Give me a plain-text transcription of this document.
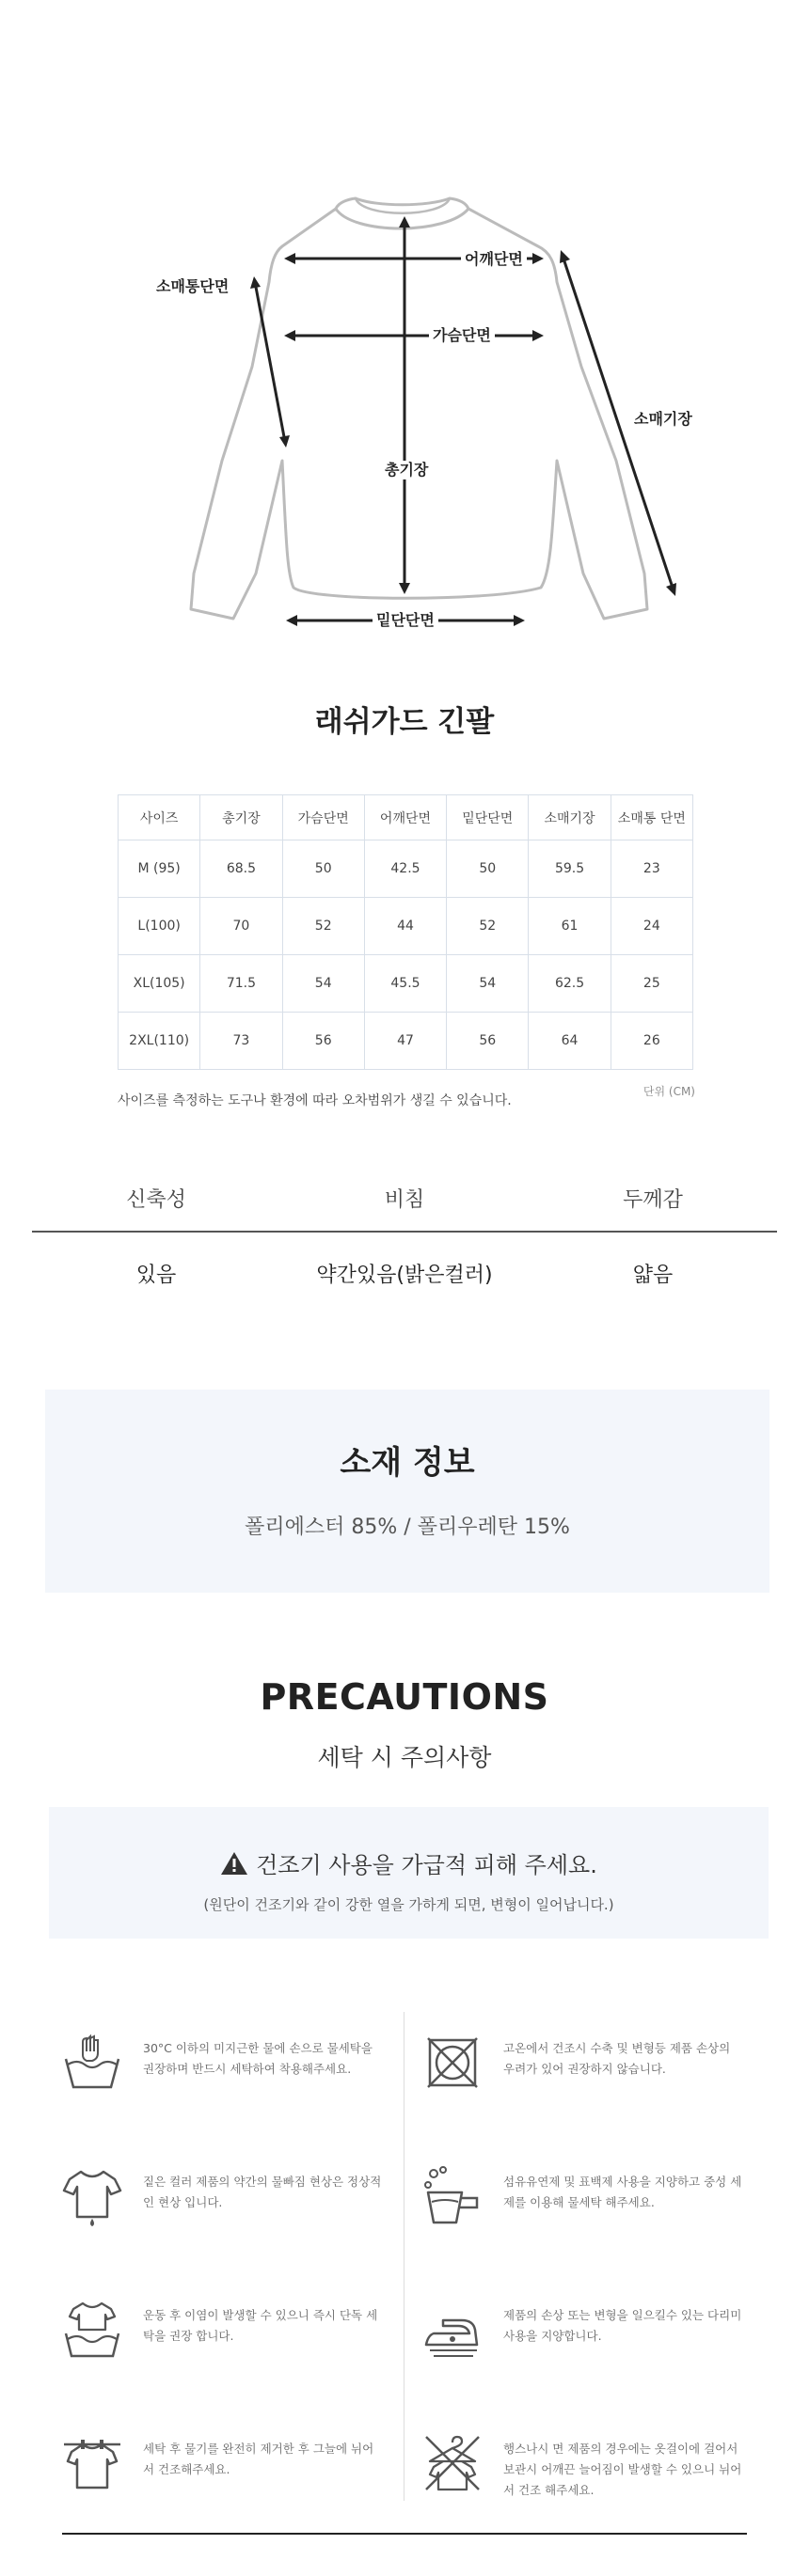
어깨단면
소매통단면
가슴단면
소매기장
총기장
밑단단면
래쉬가드 긴팔
사이즈	총기장	가슴단면	어깨단면	밑단단면	소매기장	소매통 단면
M (95)	68.5	50	42.5	50	59.5	23
L(100)	70	52	44	52	61	24
XL(105)	71.5	54	45.5	54	62.5	25
2XL(110)	73	56	47	56	64	26
사이즈를 측정하는 도구나 환경에 따라 오차범위가 생길 수 있습니다.
단위 (CM)
신축성	비침	두께감
있음	약간있음(밝은컬러)	얇음
소재 정보
폴리에스터 85% / 폴리우레탄 15%
PRECAUTIONS
세탁 시 주의사항
건조기 사용을 가급적 피해 주세요.
(원단이 건조기와 같이 강한 열을 가하게 되면, 변형이 일어납니다.)
30°C 이하의 미지근한 물에 손으로 물세탁을 권장하며 반드시 세탁하여 착용해주세요.
짙은 컬러 제품의 약간의 물빠짐 현상은 정상적인 현상 입니다.
운동 후 이염이 발생할 수 있으니 즉시 단독 세탁을 권장 합니다.
세탁 후 물기를 완전히 제거한 후 그늘에 뉘어서 건조해주세요.
고온에서 건조시 수축 및 변형등 제품 손상의 우려가 있어 권장하지 않습니다.
섬유유연제 및 표백제 사용을 지양하고 중성 세제를 이용해 물세탁 해주세요.
제품의 손상 또는 변형을 일으킬수 있는 다리미 사용을 지양합니다.
행스나시 면 제품의 경우에는 옷걸이에 걸어서 보관시 어깨끈 늘어짐이 발생할 수 있으니 뉘어서 건조 해주세요.
